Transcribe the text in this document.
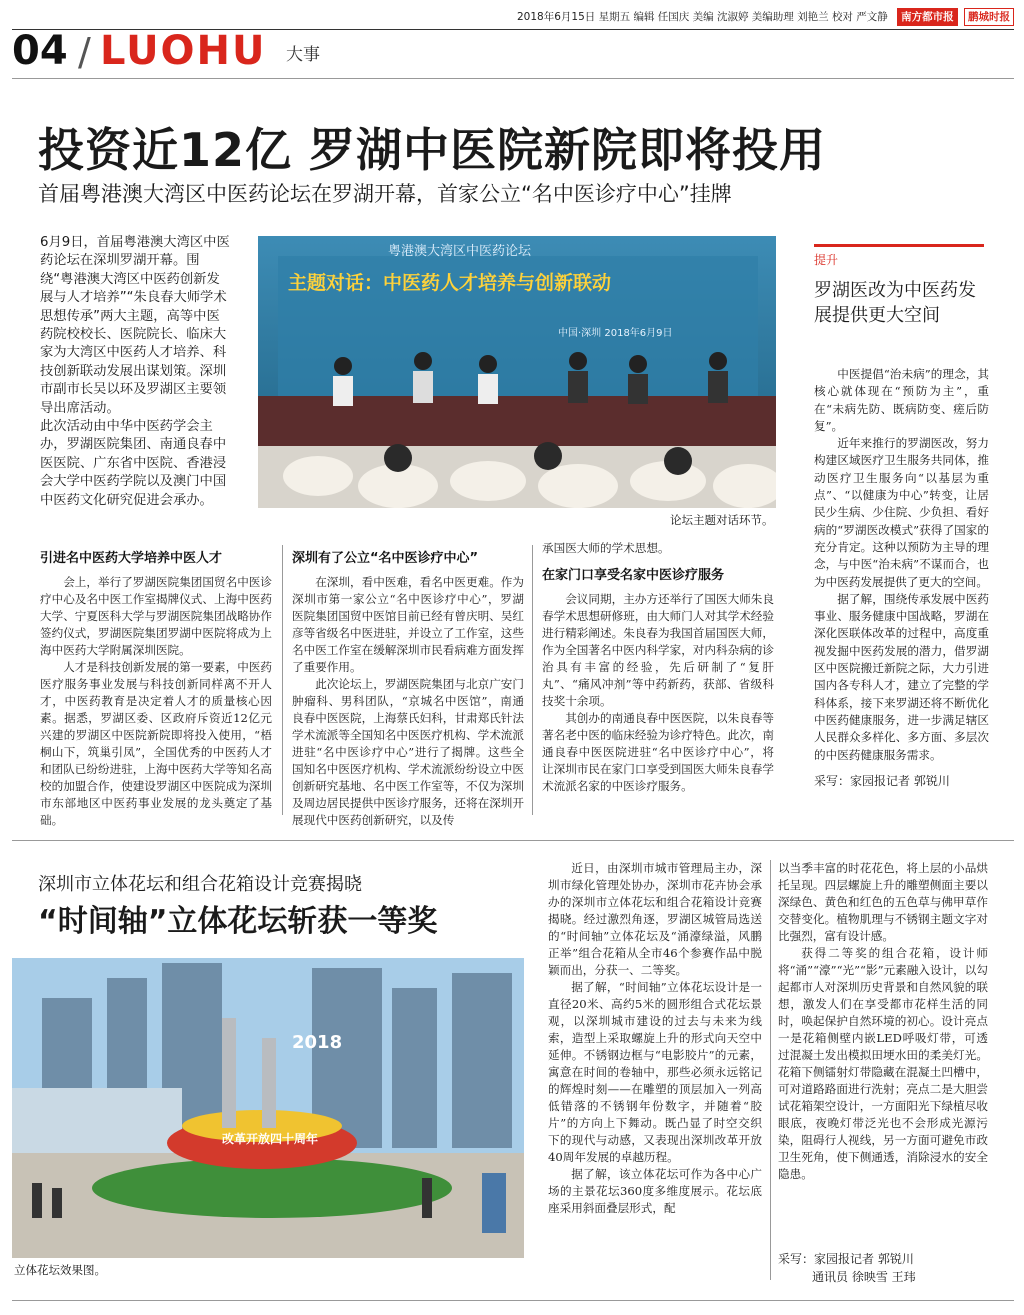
2018年6月15日 星期五 编辑 任国庆 美编 沈淑婷 美编助理 刘艳兰 校对 严文静 南方都市报 鹏城时报
04 / LUOHU 大事
投资近12亿 罗湖中医院新院即将投用
首届粤港澳大湾区中医药论坛在罗湖开幕，首家公立“名中医诊疗中心”挂牌
6月9日，首届粤港澳大湾区中医药论坛在深圳罗湖开幕。围绕“粤港澳大湾区中医药创新发展与人才培养”“朱良春大师学术思想传承”两大主题，高等中医药院校校长、医院院长、临床大家为大湾区中医药人才培养、科技创新联动发展出谋划策。深圳市副市长吴以环及罗湖区主要领导出席活动。
此次活动由中华中医药学会主办，罗湖医院集团、南通良春中医医院、广东省中医院、香港浸会大学中医药学院以及澳门中国中医药文化研究促进会承办。
粤港澳大湾区中医药论坛
主题对话：中医药人才培养与创新联动
中国·深圳 2018年6月9日
论坛主题对话环节。
引进名中医药大学培养中医人才

会上，举行了罗湖医院集团国贸名中医诊疗中心及名中医工作室揭牌仪式、上海中医药大学、宁夏医科大学与罗湖医院集团战略协作签约仪式，罗湖医院集团罗湖中医院将成为上海中医药大学附属深圳医院。

人才是科技创新发展的第一要素，中医药医疗服务事业发展与科技创新同样离不开人才，中医药教育是决定着人才的质量核心因素。据悉，罗湖区委、区政府斥资近12亿元兴建的罗湖区中医院新院即将投入使用，“梧桐山下，筑巢引凤”，全国优秀的中医药人才和团队已纷纷进驻，上海中医药大学等知名高校的加盟合作，使建设罗湖区中医院成为深圳市东部地区中医药事业发展的龙头奠定了基础。

深圳有了公立“名中医诊疗中心”

在深圳，看中医难，看名中医更难。作为深圳市第一家公立“名中医诊疗中心”，罗湖医院集团国贸中医馆目前已经有曾庆明、吴红彦等省级名中医进驻，并设立了工作室，这些名中医工作室在缓解深圳市民看病难方面发挥了重要作用。

此次论坛上，罗湖医院集团与北京广安门肿瘤科、男科团队，“京城名中医馆”，南通良春中医医院，上海蔡氏妇科，甘肃郑氏针法学术流派等全国知名中医医疗机构、学术流派进驻“名中医诊疗中心”进行了揭牌。这些全国知名中医医疗机构、学术流派纷纷设立中医创新研究基地、名中医工作室等，不仅为深圳及周边居民提供中医诊疗服务，还将在深圳开展现代中医药创新研究，以及传

承国医大师的学术思想。
在家门口享受名家中医诊疗服务

会议同期，主办方还举行了国医大师朱良春学术思想研修班，由大师门人对其学术经验进行精彩阐述。朱良春为我国首届国医大师，作为全国著名中医内科学家，对内科杂病的诊治具有丰富的经验，先后研制了“复肝丸”、“痛风冲剂”等中药新药，获部、省级科技奖十余项。

其创办的南通良春中医医院，以朱良春等著名老中医的临床经验为诊疗特色。此次，南通良春中医医院进驻“名中医诊疗中心”，将让深圳市民在家门口享受到国医大师朱良春学术流派名家的中医诊疗服务。

提升
罗湖医改为中医药发展提供更大空间

中医提倡“治未病”的理念，其核心就体现在“预防为主”，重在“未病先防、既病防变、瘥后防复”。

近年来推行的罗湖医改，努力构建区域医疗卫生服务共同体，推动医疗卫生服务向“以基层为重点”、“以健康为中心”转变，让居民少生病、少住院、少负担、看好病的“罗湖医改模式”获得了国家的充分肯定。这种以预防为主导的理念，与中医“治未病”不谋而合，也为中医药发展提供了更大的空间。

据了解，围绕传承发展中医药事业、服务健康中国战略，罗湖在深化医联体改革的过程中，高度重视发掘中医药发展的潜力，借罗湖区中医院搬迁新院之际，大力引进国内各专科人才，建立了完整的学科体系，接下来罗湖还将不断优化中医药健康服务，进一步满足辖区人民群众多样化、多方面、多层次的中医药健康服务需求。

采写：家园报记者 郭锐川
深圳市立体花坛和组合花箱设计竞赛揭晓
“时间轴”立体花坛斩获一等奖
改革开放四十周年
2018
立体花坛效果图。

近日，由深圳市城市管理局主办，深圳市绿化管理处协办，深圳市花卉协会承办的深圳市立体花坛和组合花箱设计竞赛揭晓。经过激烈角逐，罗湖区城管局选送的“时间轴”立体花坛及“涌濠绿溢，风鹏正举”组合花箱从全市46个参赛作品中脱颖而出，分获一、二等奖。

据了解，“时间轴”立体花坛设计是一直径20米、高约5米的圆形组合式花坛景观，以深圳城市建设的过去与未来为线索，造型上采取螺旋上升的形式向天空中延伸。不锈钢边框与“电影胶片”的元素，寓意在时间的卷轴中，那些必须永远铭记的辉煌时刻——在雕塑的顶层加入一列高低错落的不锈钢年份数字，并随着“胶片”的方向上下舞动。既凸显了时空交织下的现代与动感，又表现出深圳改革开放40周年发展的卓越历程。

据了解，该立体花坛可作为各中心广场的主景花坛360度多维度展示。花坛底座采用斜面叠层形式，配

以当季丰富的时花花色，将上层的小品烘托呈现。四层螺旋上升的雕塑侧面主要以深绿色、黄色和红色的五色草与佛甲草作交替变化。植物肌理与不锈钢主题文字对比强烈，富有设计感。

获得二等奖的组合花箱，设计师将“涌”“濠”“光”“影”元素融入设计，以勾起都市人对深圳历史背景和自然风貌的联想，激发人们在享受都市花样生活的同时，唤起保护自然环境的初心。设计亮点一是花箱侧壁内嵌LED呼吸灯带，可透过混凝土发出模拟田埂水田的柔美灯光。花箱下侧镭射灯带隐藏在混凝土凹槽中，可对道路路面进行洗射；亮点二是大胆尝试花箱架空设计，一方面阳光下绿植尽收眼底，夜晚灯带泛光也不会形成光源污染，阻碍行人视线，另一方面可避免市政卫生死角，使下侧通透，消除浸水的安全隐患。

采写：家园报记者 郭锐川
通讯员 徐映雪 王玮
